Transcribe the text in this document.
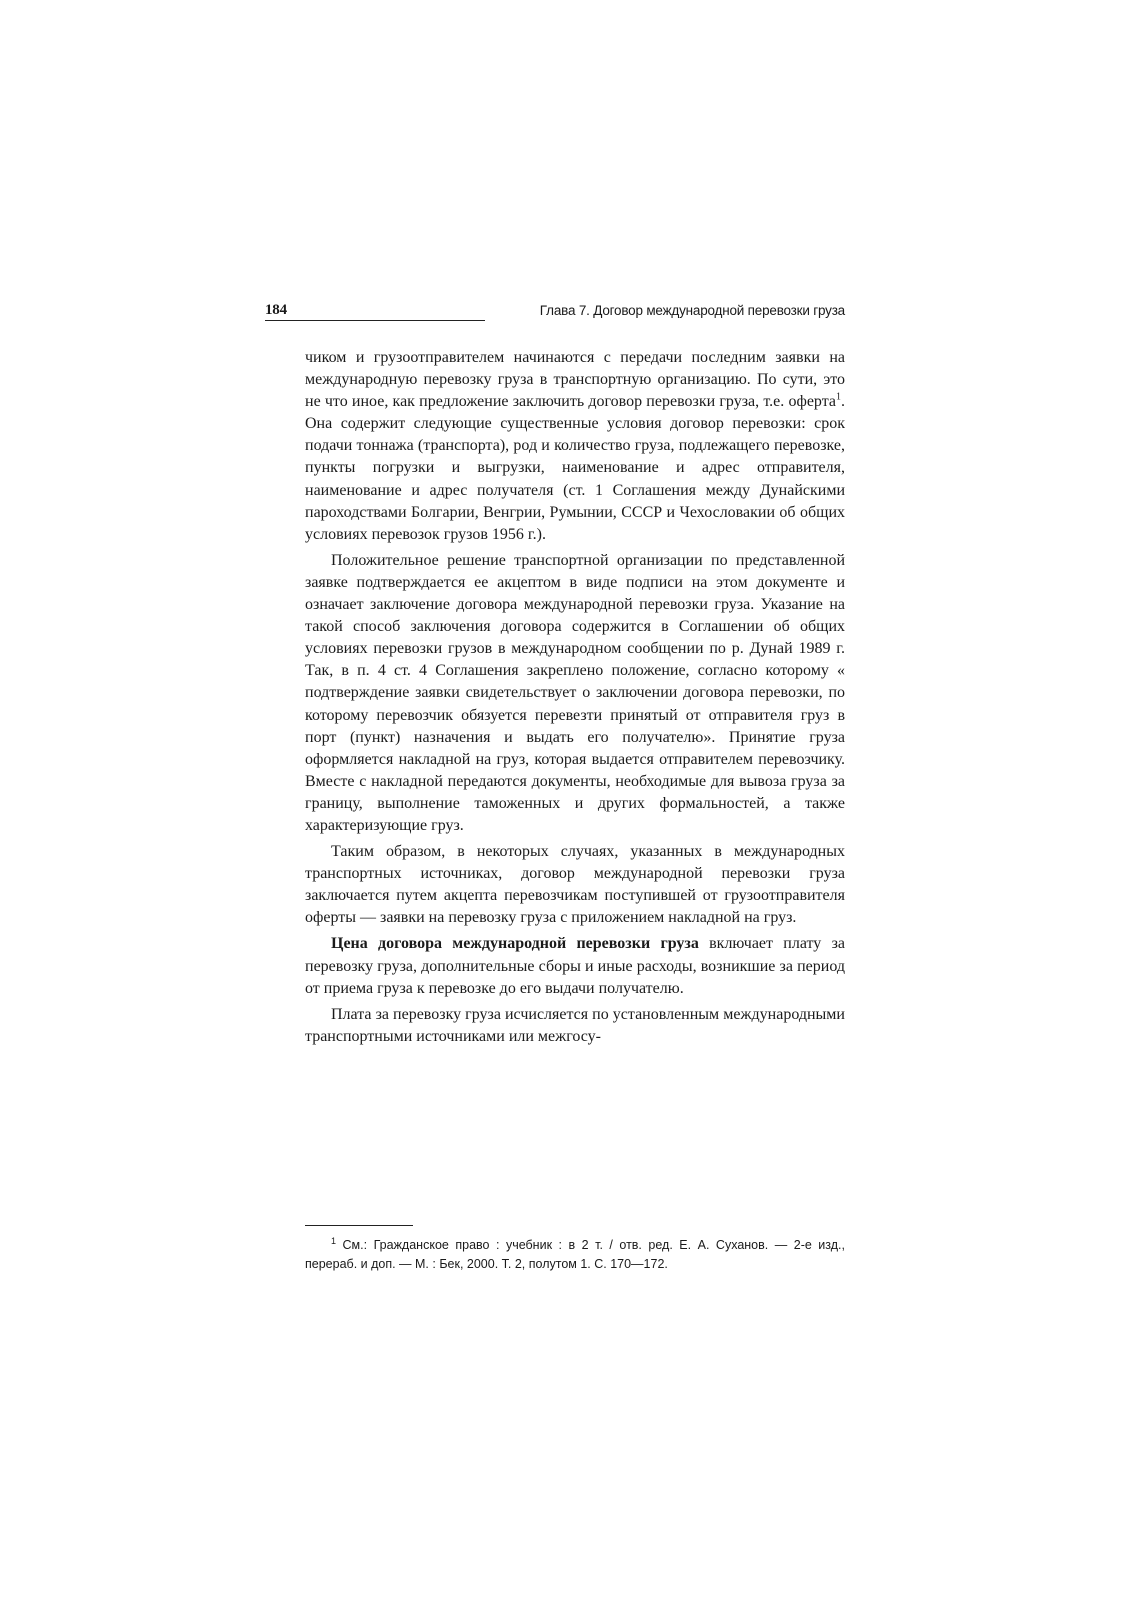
184	Глава 7. Договор международной перевозки груза

чиком и грузоотправителем начинаются с передачи последним заявки на международную перевозку груза в транспортную организацию. По сути, это не что иное, как предложение заключить договор перевозки груза, т.е. оферта$^1$. Она содержит следующие существенные условия договор перевозки: срок подачи тоннажа (транспорта), род и количество груза, подлежащего перевозке, пункты погрузки и выгрузки, наименование и адрес отправителя, наименование и адрес получателя (ст. 1 Соглашения между Дунайскими пароходствами Болгарии, Венгрии, Румынии, СССР и Чехословакии об общих условиях перевозок грузов 1956 г.).

Положительное решение транспортной организации по представленной заявке подтверждается ее акцептом в виде подписи на этом документе и означает заключение договора международной перевозки груза. Указание на такой способ заключения договора содержится в Соглашении об общих условиях перевозки грузов в международном сообщении по р. Дунай 1989 г. Так, в п. 4 ст. 4 Соглашения закреплено положение, согласно которому « подтверждение заявки свидетельствует о заключении договора перевозки, по которому перевозчик обязуется перевезти принятый от отправителя груз в порт (пункт) назначения и выдать его получателю». Принятие груза оформляется накладной на груз, которая выдается отправителем перевозчику. Вместе с накладной передаются документы, необходимые для вывоза груза за границу, выполнение таможенных и других формальностей, а также характеризующие груз.

Таким образом, в некоторых случаях, указанных в международных транспортных источниках, договор международной перевозки груза заключается путем акцепта перевозчикам поступившей от грузоотправителя оферты — заявки на перевозку груза с приложением накладной на груз.

Цена договора международной перевозки груза включает плату за перевозку груза, дополнительные сборы и иные расходы, возникшие за период от приема груза к перевозке до его выдачи получателю.

Плата за перевозку груза исчисляется по установленным международными транспортными источниками или межгосу-

$^1$ См.: Гражданское право : учебник : в 2 т. / отв. ред. Е. А. Суханов. — 2-е изд., перераб. и доп. — М. : Бек, 2000. Т. 2, полутом 1. С. 170—172.
